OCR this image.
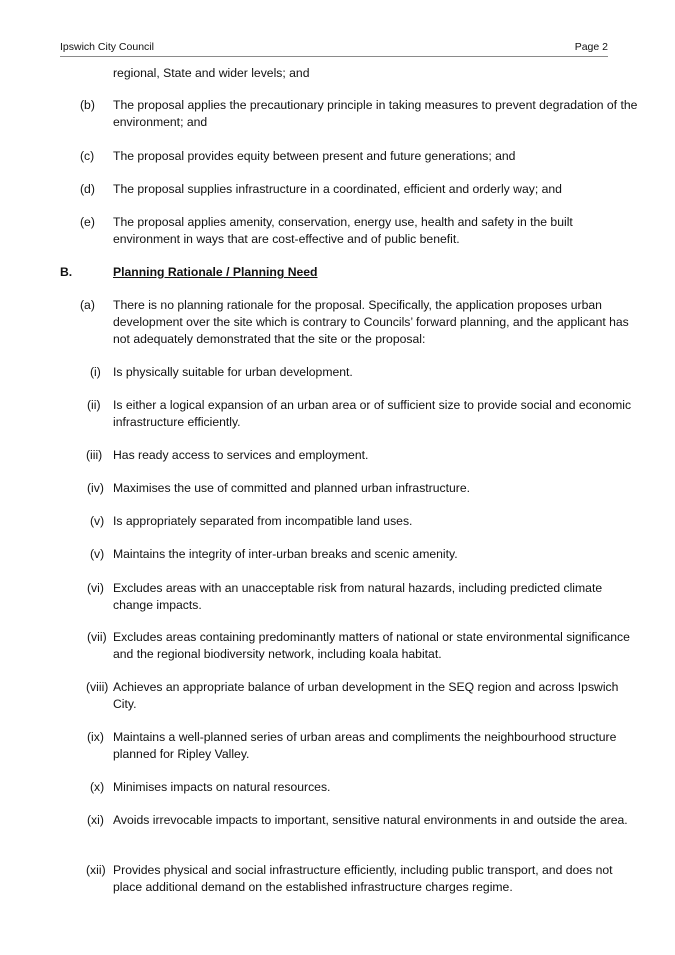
Ipswich City Council	Page 2
regional, State and wider levels; and
(b) The proposal applies the precautionary principle in taking measures to prevent degradation of the environment; and
(c) The proposal provides equity between present and future generations; and
(d) The proposal supplies infrastructure in a coordinated, efficient and orderly way; and
(e) The proposal applies amenity, conservation, energy use, health and safety in the built environment in ways that are cost-effective and of public benefit.
B.	Planning Rationale / Planning Need
(a) There is no planning rationale for the proposal. Specifically, the application proposes urban development over the site which is contrary to Councils’ forward planning, and the applicant has not adequately demonstrated that the site or the proposal:
(i) Is physically suitable for urban development.
(ii) Is either a logical expansion of an urban area or of sufficient size to provide social and economic infrastructure efficiently.
(iii) Has ready access to services and employment.
(iv) Maximises the use of committed and planned urban infrastructure.
(v) Is appropriately separated from incompatible land uses.
(v) Maintains the integrity of inter-urban breaks and scenic amenity.
(vi) Excludes areas with an unacceptable risk from natural hazards, including predicted climate change impacts.
(vii) Excludes areas containing predominantly matters of national or state environmental significance and the regional biodiversity network, including koala habitat.
(viii) Achieves an appropriate balance of urban development in the SEQ region and across Ipswich City.
(ix) Maintains a well-planned series of urban areas and compliments the neighbourhood structure planned for Ripley Valley.
(x) Minimises impacts on natural resources.
(xi) Avoids irrevocable impacts to important, sensitive natural environments in and outside the area.
(xii) Provides physical and social infrastructure efficiently, including public transport, and does not place additional demand on the established infrastructure charges regime.
